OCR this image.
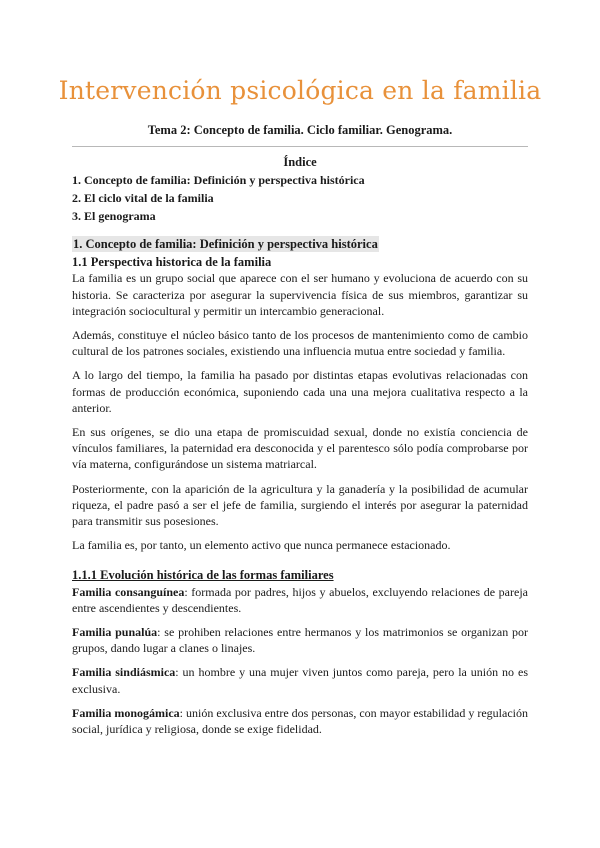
Intervención psicológica en la familia
Tema 2: Concepto de familia. Ciclo familiar. Genograma.
Índice
1. Concepto de familia: Definición y perspectiva histórica
2. El ciclo vital de la familia
3. El genograma
1. Concepto de familia: Definición y perspectiva histórica
1.1 Perspectiva historica de la familia

La familia es un grupo social que aparece con el ser humano y evoluciona de acuerdo con su historia. Se caracteriza por asegurar la supervivencia física de sus miembros, garantizar su integración sociocultural y permitir un intercambio generacional.

Además, constituye el núcleo básico tanto de los procesos de mantenimiento como de cambio cultural de los patrones sociales, existiendo una influencia mutua entre sociedad y familia.

A lo largo del tiempo, la familia ha pasado por distintas etapas evolutivas relacionadas con formas de producción económica, suponiendo cada una una mejora cualitativa respecto a la anterior.

En sus orígenes, se dio una etapa de promiscuidad sexual, donde no existía conciencia de vínculos familiares, la paternidad era desconocida y el parentesco sólo podía comprobarse por vía materna, configurándose un sistema matriarcal.

Posteriormente, con la aparición de la agricultura y la ganadería y la posibilidad de acumular riqueza, el padre pasó a ser el jefe de familia, surgiendo el interés por asegurar la paternidad para transmitir sus posesiones.

La familia es, por tanto, un elemento activo que nunca permanece estacionado.

1.1.1 Evolución histórica de las formas familiares

Familia consanguínea: formada por padres, hijos y abuelos, excluyendo relaciones de pareja entre ascendientes y descendientes.

Familia punalúa: se prohiben relaciones entre hermanos y los matrimonios se organizan por grupos, dando lugar a clanes o linajes.

Familia sindiásmica: un hombre y una mujer viven juntos como pareja, pero la unión no es exclusiva.

Familia monogámica: unión exclusiva entre dos personas, con mayor estabilidad y regulación social, jurídica y religiosa, donde se exige fidelidad.
